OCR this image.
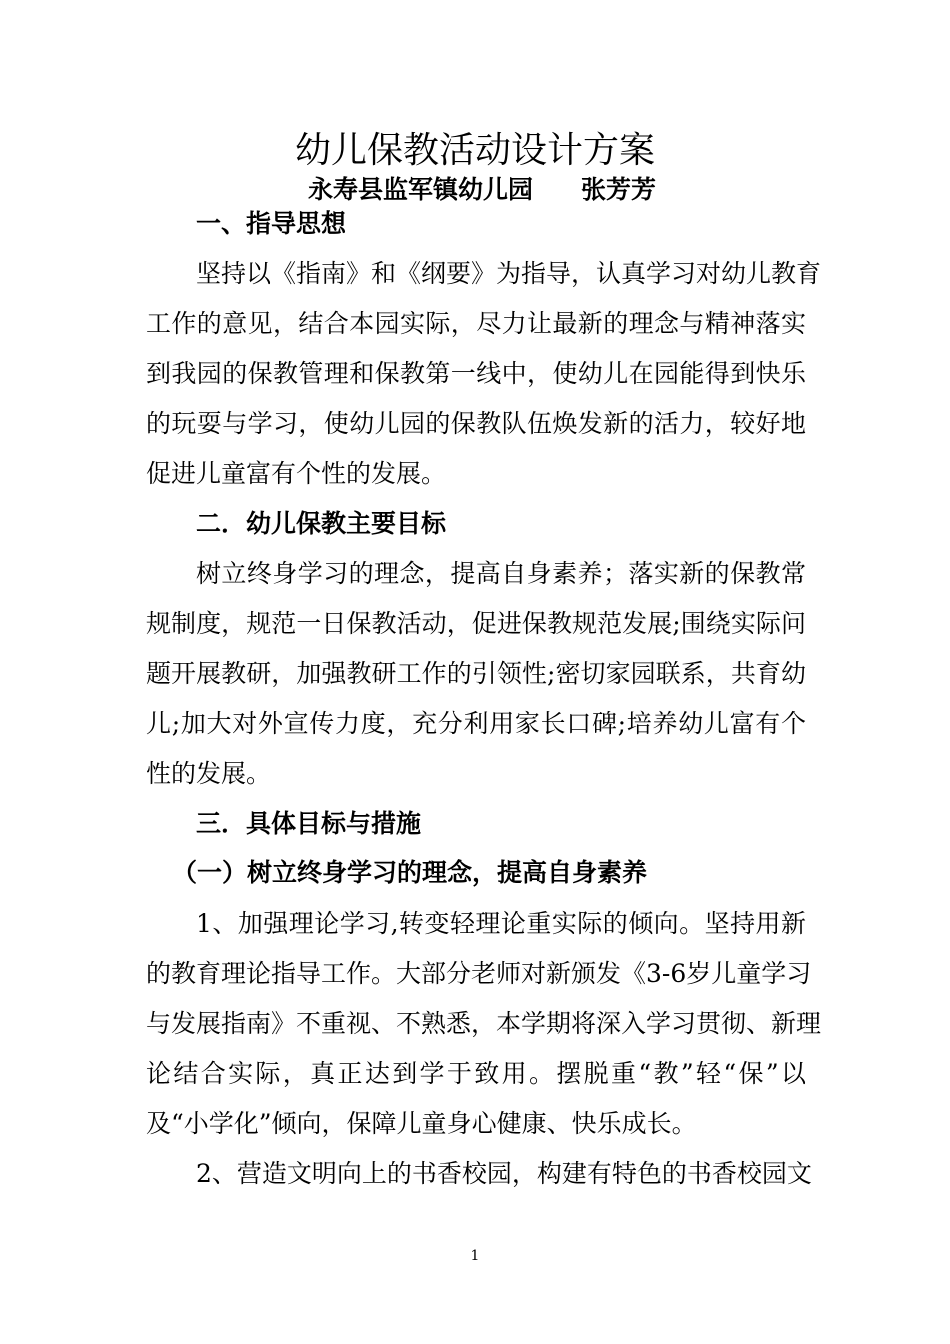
幼儿保教活动设计方案
永寿县监军镇幼儿园 张芳芳
一、指导思想

坚持以《指南》和《纲要》为指导，认真学习对幼儿教育

工作的意见，结合本园实际，尽力让最新的理念与精神落实

到我园的保教管理和保教第一线中，使幼儿在园能得到快乐

的玩耍与学习，使幼儿园的保教队伍焕发新的活力，较好地

促进儿童富有个性的发展。

二．幼儿保教主要目标

树立终身学习的理念，提高自身素养；落实新的保教常

规制度，规范一日保教活动，促进保教规范发展;围绕实际问

题开展教研，加强教研工作的引领性;密切家园联系，共育幼

儿;加大对外宣传力度，充分利用家长口碑;培养幼儿富有个

性的发展。

三．具体目标与措施
（一）树立终身学习的理念，提高自身素养

1、加强理论学习,转变轻理论重实际的倾向。坚持用新

的教育理论指导工作。大部分老师对新颁发《3-6岁儿童学习

与发展指南》不重视、不熟悉，本学期将深入学习贯彻、新理

论结合实际，真正达到学于致用。摆脱重“教”轻“保”以

及“小学化”倾向，保障儿童身心健康、快乐成长。

2、营造文明向上的书香校园，构建有特色的书香校园文

1
